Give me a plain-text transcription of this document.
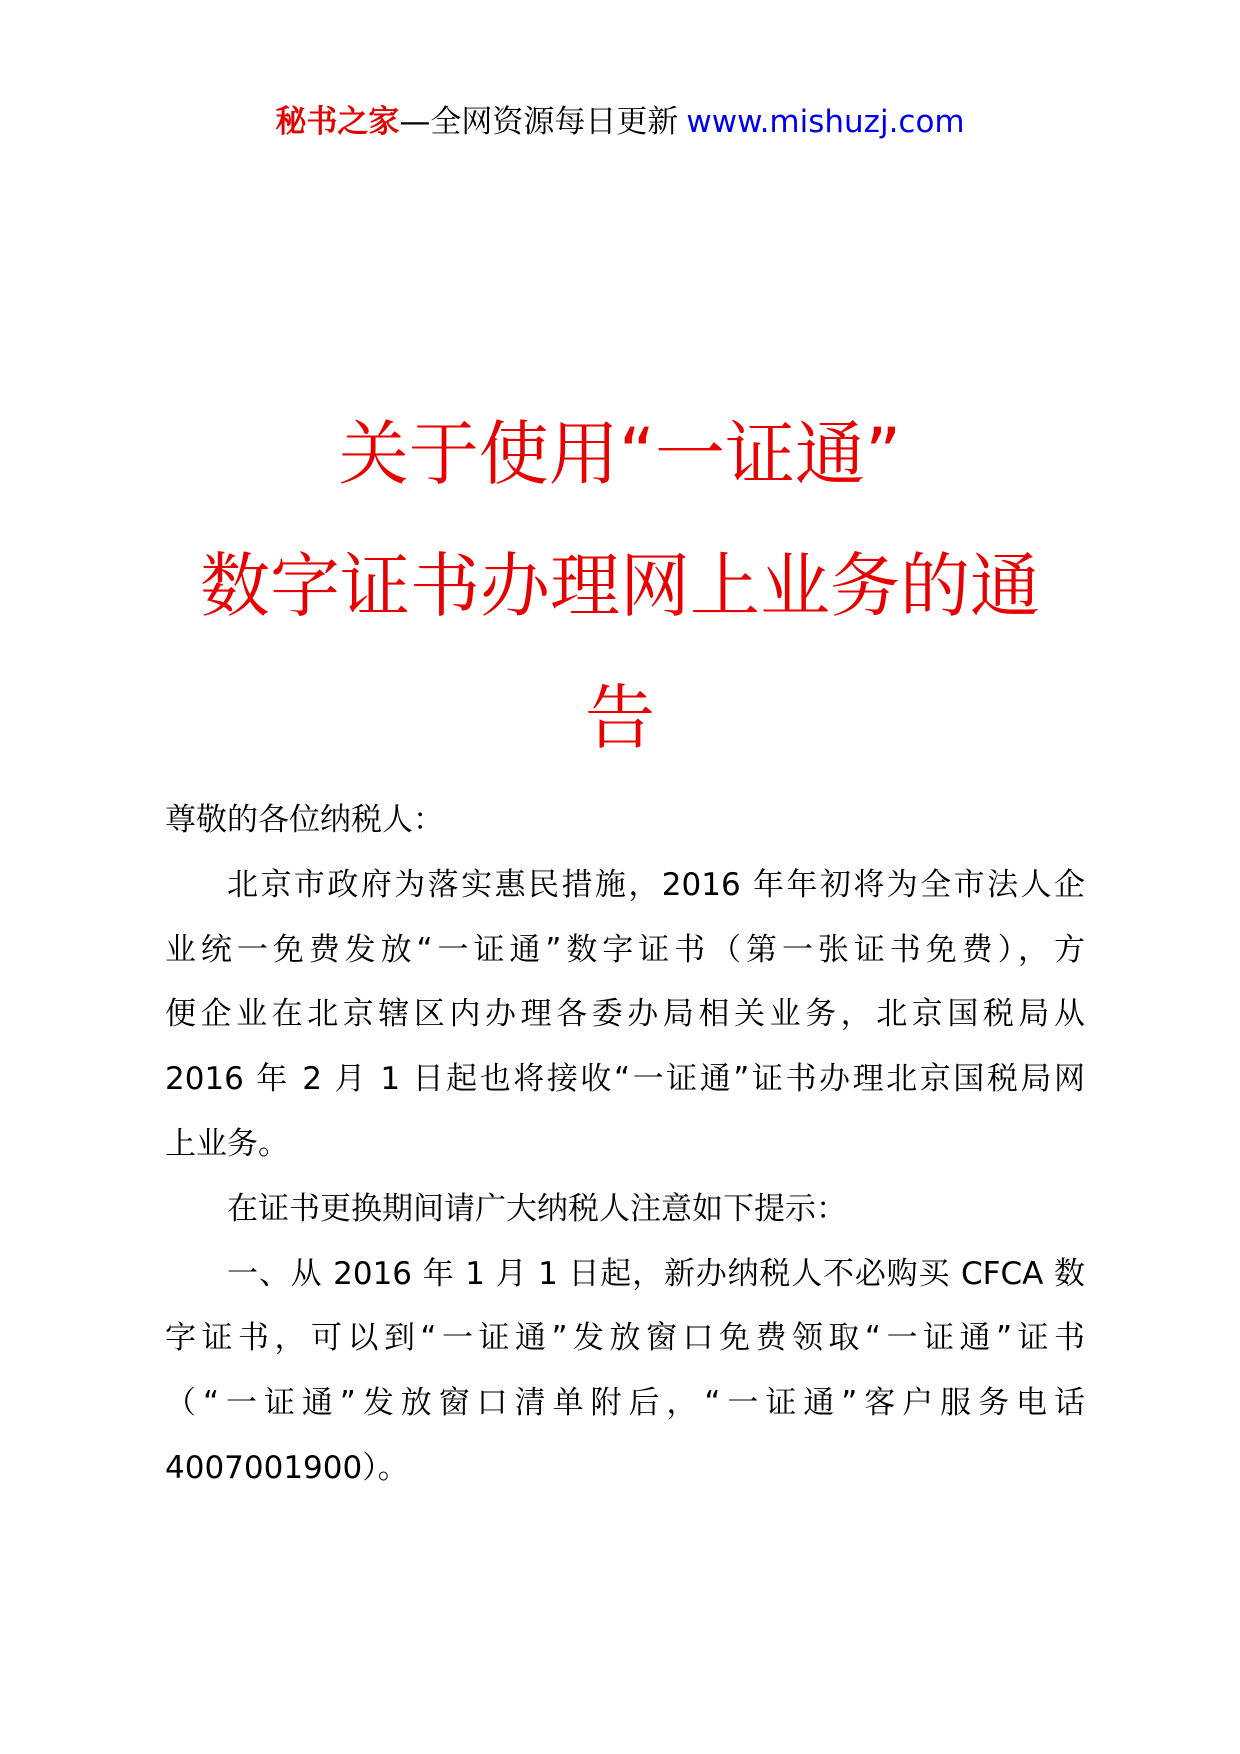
秘书之家—全网资源每日更新 www.mishuzj.com
关于使用“一证通”
数字证书办理网上业务的通
告

尊敬的各位纳税人：

北京市政府为落实惠民措施，2016 年年初将为全市法人企
业统一免费发放“一证通”数字证书（第一张证书免费），方
便企业在北京辖区内办理各委办局相关业务，北京国税局从
2016 年 2 月 1 日起也将接收“一证通”证书办理北京国税局网
上业务。

在证书更换期间请广大纳税人注意如下提示：

一、从 2016 年 1 月 1 日起，新办纳税人不必购买 CFCA 数
字证书，可以到“一证通”发放窗口免费领取“一证通”证书
（“一证通”发放窗口清单附后，“一证通”客户服务电话
4007001900）。
